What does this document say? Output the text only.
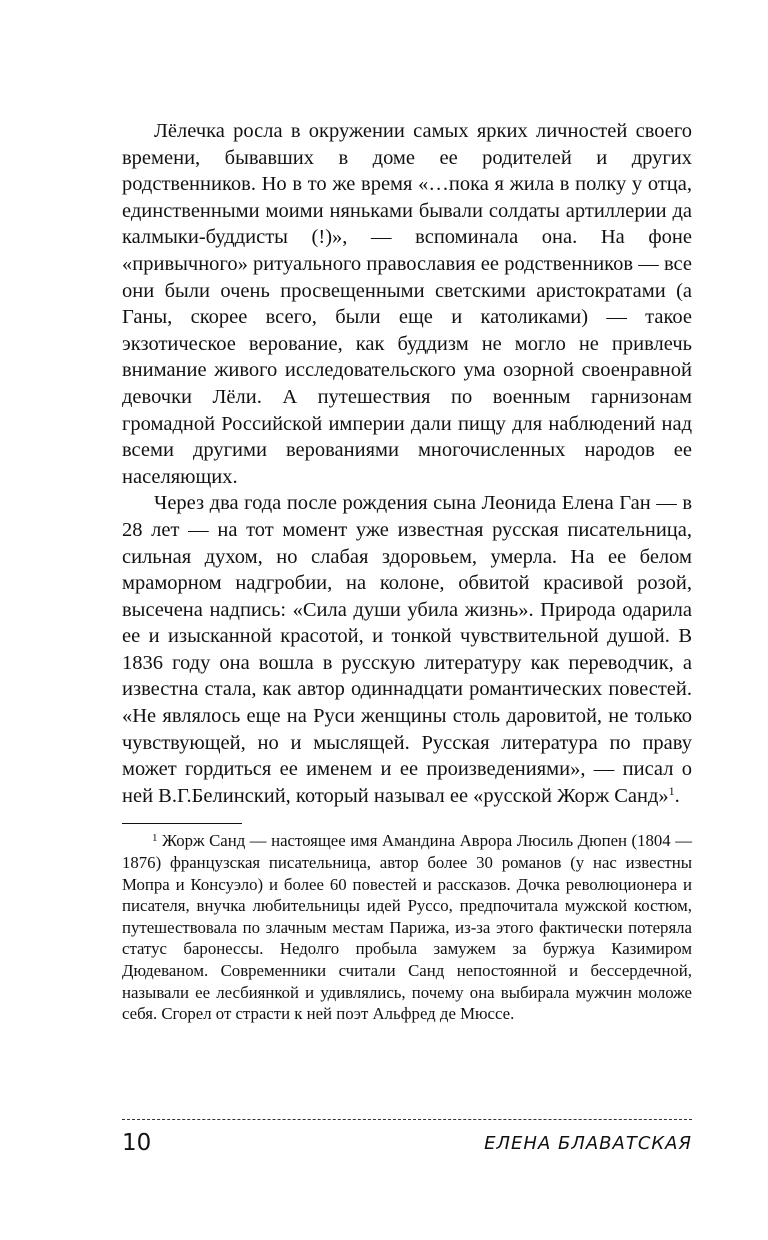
Лёлечка росла в окружении самых ярких личностей своего времени, бывавших в доме ее родителей и других родственников. Но в то же время «…пока я жила в полку у отца, единственными моими няньками бывали солдаты артиллерии да калмыки-буддисты (!)», — вспоминала она. На фоне «привычного» ритуального православия ее родственников — все они были очень просвещенными светскими аристократами (а Ганы, скорее всего, были еще и католиками) — такое экзотическое верование, как буддизм не могло не привлечь внимание живого исследовательского ума озорной своенравной девочки Лёли. А путешествия по военным гарнизонам громадной Российской империи дали пищу для наблюдений над всеми другими верованиями многочисленных народов ее населяющих.

Через два года после рождения сына Леонида Елена Ган — в 28 лет — на тот момент уже известная русская писательница, сильная духом, но слабая здоровьем, умерла. На ее белом мраморном надгробии, на колоне, обвитой красивой розой, высечена надпись: «Сила души убила жизнь». Природа одарила ее и изысканной красотой, и тонкой чувствительной душой. В 1836 году она вошла в русскую литературу как переводчик, а известна стала, как автор одиннадцати романтических повестей. «Не являлось еще на Руси женщины столь даровитой, не только чувствующей, но и мыслящей. Русская литература по праву может гордиться ее именем и ее произведениями», — писал о ней В.Г.Белинский, который называл ее «русской Жорж Санд»$^1$.

$^1$ Жорж Санд — настоящее имя Амандина Аврора Люсиль Дюпен (1804 —1876) французская писательница, автор более 30 романов (у нас известны Мопра и Консуэло) и более 60 повестей и рассказов. Дочка революционера и писателя, внучка любительницы идей Руссо, предпочитала мужской костюм, путешествовала по злачным местам Парижа, из-за этого фактически потеряла статус баронессы. Недолго пробыла замужем за буржуа Казимиром Дюдеваном. Современники считали Санд непостоянной и бессердечной, называли ее лесбиянкой и удивлялись, почему она выбирала мужчин моложе себя. Сгорел от страсти к ней поэт Альфред де Мюссе.

10	ЕЛЕНА БЛАВАТСКАЯ
